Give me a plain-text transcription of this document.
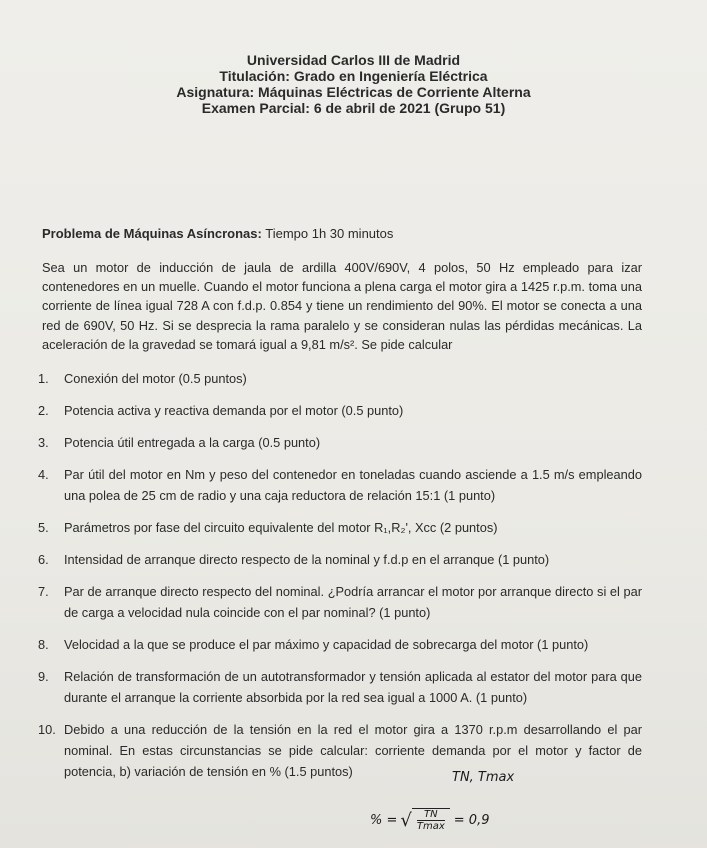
Universidad Carlos III de Madrid

Titulación: Grado en Ingeniería Eléctrica

Asignatura: Máquinas Eléctricas de Corriente Alterna

Examen Parcial: 6 de abril de 2021 (Grupo 51)

Problema de Máquinas Asíncronas: Tiempo 1h 30 minutos
Sea un motor de inducción de jaula de ardilla 400V/690V, 4 polos, 50 Hz empleado para izar contenedores en un muelle. Cuando el motor funciona a plena carga el motor gira a 1425 r.p.m. toma una corriente de línea igual 728 A con f.d.p. 0.854 y tiene un rendimiento del 90%. El motor se conecta a una red de 690V, 50 Hz. Si se desprecia la rama paralelo y se consideran nulas las pérdidas mecánicas. La aceleración de la gravedad se tomará igual a 9,81 m/s². Se pide calcular
1.	Conexión del motor (0.5 puntos)
2.	Potencia activa y reactiva demanda por el motor (0.5 punto)
3.	Potencia útil entregada a la carga (0.5 punto)
4.	Par útil del motor en Nm y peso del contenedor en toneladas cuando asciende a 1.5 m/s empleando una polea de 25 cm de radio y una caja reductora de relación 15:1 (1 punto)
5.	Parámetros por fase del circuito equivalente del motor R₁,R₂', Xcc (2 puntos)
6.	Intensidad de arranque directo respecto de la nominal y f.d.p en el arranque (1 punto)
7.	Par de arranque directo respecto del nominal. ¿Podría arrancar el motor por arranque directo si el par de carga a velocidad nula coincide con el par nominal? (1 punto)
8.	Velocidad a la que se produce el par máximo y capacidad de sobrecarga del motor (1 punto)
9.	Relación de transformación de un autotransformador y tensión aplicada al estator del motor para que durante el arranque la corriente absorbida por la red sea igual a 1000 A. (1 punto)
10. Debido a una reducción de la tensión en la red el motor gira a 1370 r.p.m desarrollando el par nominal. En estas circunstancias se pide calcular: corriente demanda por el motor y factor de potencia, b) variación de tensión en % (1.5 puntos)	TN, Tmax
% = √ $\frac{TN}{Tmax} = 0,9$
